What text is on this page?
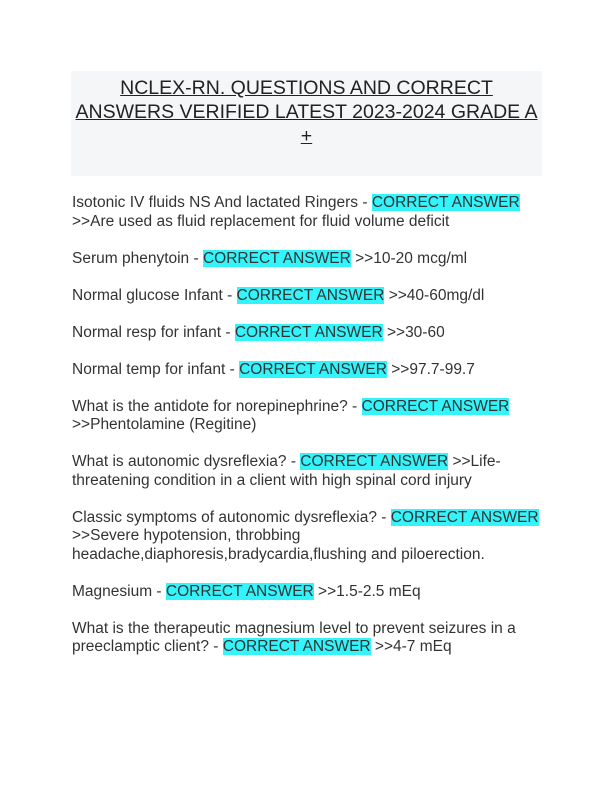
NCLEX-RN. QUESTIONS AND CORRECT ANSWERS VERIFIED LATEST 2023-2024 GRADE A +

Isotonic IV fluids NS And lactated Ringers - CORRECT ANSWER >>Are used as fluid replacement for fluid volume deficit

Serum phenytoin - CORRECT ANSWER >>10-20 mcg/ml

Normal glucose Infant - CORRECT ANSWER >>40-60mg/dl

Normal resp for infant - CORRECT ANSWER >>30-60

Normal temp for infant - CORRECT ANSWER >>97.7-99.7

What is the antidote for norepinephrine? - CORRECT ANSWER >>Phentolamine (Regitine)

What is autonomic dysreflexia? - CORRECT ANSWER >>Life-threatening condition in a client with high spinal cord injury

Classic symptoms of autonomic dysreflexia? - CORRECT ANSWER >>Severe hypotension, throbbing headache,diaphoresis,bradycardia,flushing and piloerection.

Magnesium - CORRECT ANSWER >>1.5-2.5 mEq

What is the therapeutic magnesium level to prevent seizures in a preeclamptic client? - CORRECT ANSWER >>4-7 mEq
